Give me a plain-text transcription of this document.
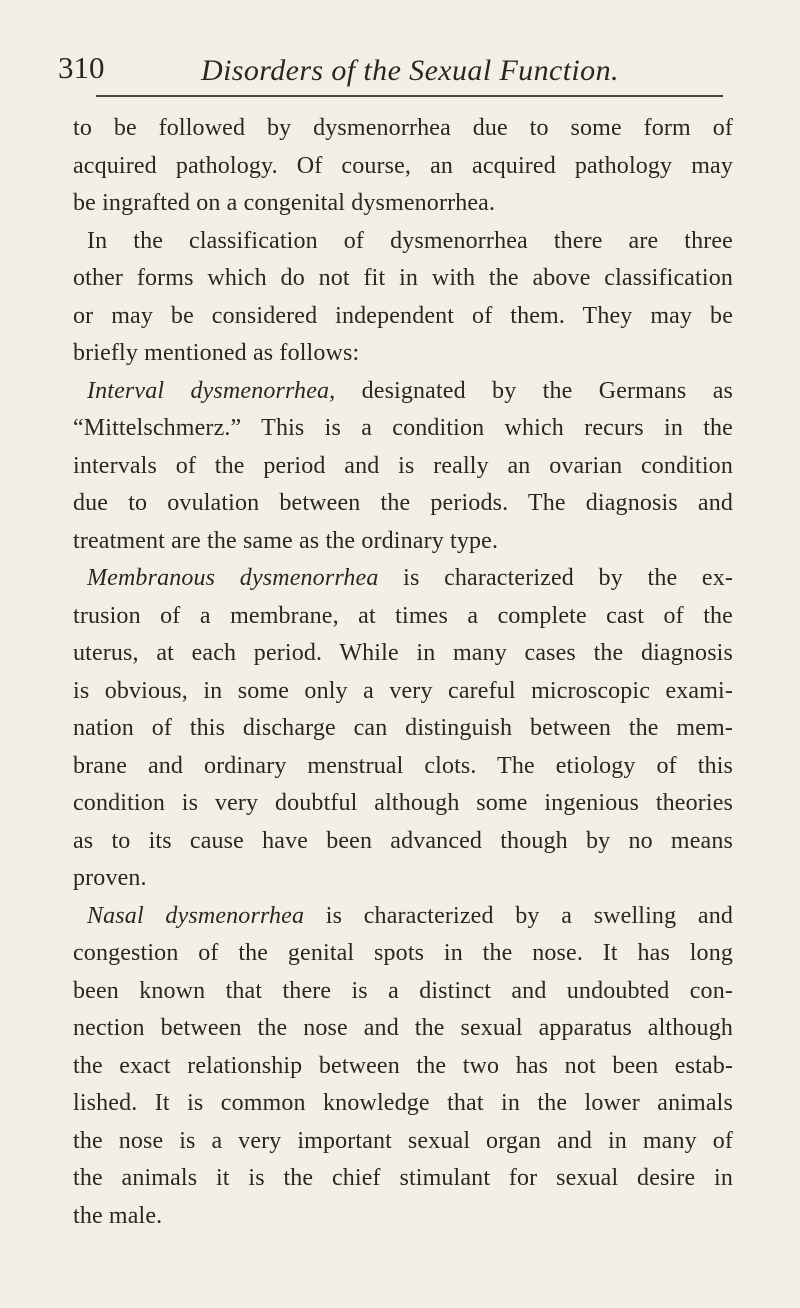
310	Disorders of the Sexual Function.
to be followed by dysmenorrhea due to some form of
acquired pathology. Of course, an acquired pathology may
be ingrafted on a congenital dysmenorrhea.
In the classification of dysmenorrhea there are three
other forms which do not fit in with the above classification
or may be considered independent of them. They may be
briefly mentioned as follows:
Interval dysmenorrhea, designated by the Germans as
“Mittelschmerz.” This is a condition which recurs in the
intervals of the period and is really an ovarian condition
due to ovulation between the periods. The diagnosis and
treatment are the same as the ordinary type.
Membranous dysmenorrhea is characterized by the ex-
trusion of a membrane, at times a complete cast of the
uterus, at each period. While in many cases the diagnosis
is obvious, in some only a very careful microscopic exami-
nation of this discharge can distinguish between the mem-
brane and ordinary menstrual clots. The etiology of this
condition is very doubtful although some ingenious theories
as to its cause have been advanced though by no means
proven.
Nasal dysmenorrhea is characterized by a swelling and
congestion of the genital spots in the nose. It has long
been known that there is a distinct and undoubted con-
nection between the nose and the sexual apparatus although
the exact relationship between the two has not been estab-
lished. It is common knowledge that in the lower animals
the nose is a very important sexual organ and in many of
the animals it is the chief stimulant for sexual desire in
the male.
